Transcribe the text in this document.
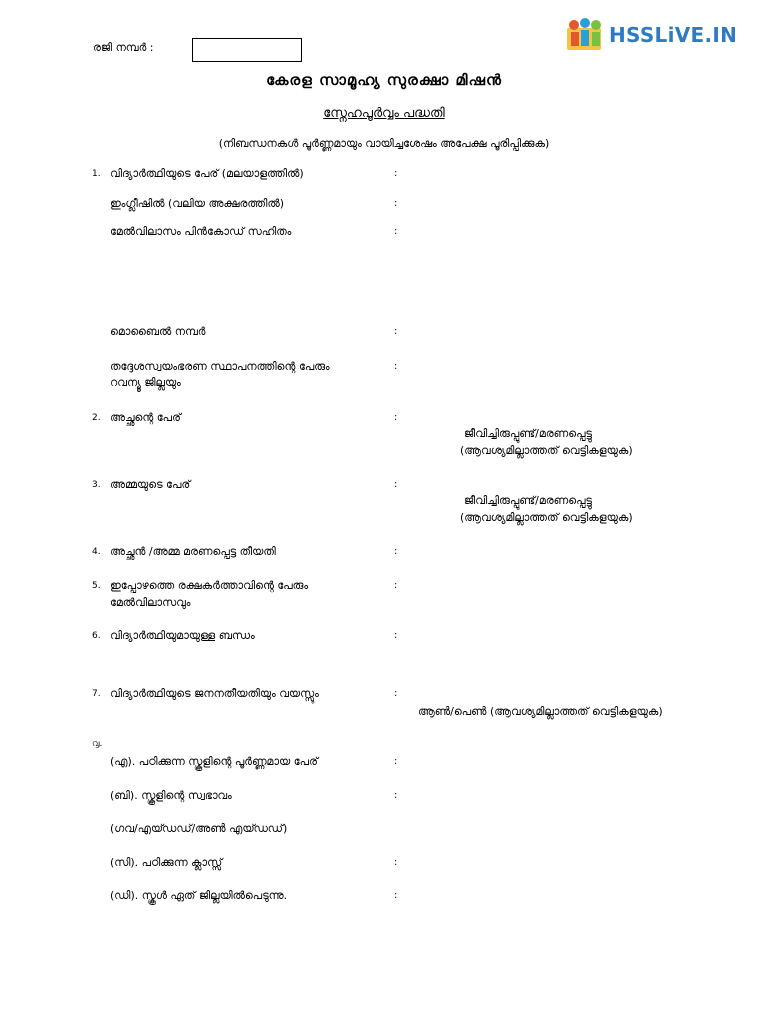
രജി നമ്പർ :
HSSLiVE.IN
കേരള സാമൂഹ്യ സുരക്ഷാ മിഷൻ
സ്നേഹപൂർവ്വം പദ്ധതി
(നിബന്ധനകൾ പൂർണ്ണമായും വായിച്ചശേഷം അപേക്ഷ പൂരിപ്പിക്കുക)
1. വിദ്യാർത്ഥിയുടെ പേര് (മലയാളത്തിൽ)	:
ഇംഗ്ലീഷിൽ (വലിയ അക്ഷരത്തിൽ)	:
മേൽവിലാസം പിൻകോഡ് സഹിതം	:
മൊബൈൽ നമ്പർ	:
തദ്ദേശസ്വയംഭരണ സ്ഥാപനത്തിന്റെ പേരും	:
റവന്യൂ ജില്ലയും
2. അച്ഛന്റെ പേര്	:
ജീവിച്ചിരുപ്പുണ്ട്/മരണപ്പെട്ടു
(ആവശ്യമില്ലാത്തത് വെട്ടികളയുക)
3. അമ്മയുടെ പേര്	:
ജീവിച്ചിരുപ്പുണ്ട്/മരണപ്പെട്ടു
(ആവശ്യമില്ലാത്തത് വെട്ടികളയുക)
4. അച്ഛൻ /അമ്മ മരണപ്പെട്ട തീയതി	:
5. ഇപ്പോഴത്തെ രക്ഷകർത്താവിന്റെ പേരും	:
മേൽവിലാസവും
6. വിദ്യാർത്ഥിയുമായുള്ള ബന്ധം	:
7. വിദ്യാർത്ഥിയുടെ ജനനതീയതിയും വയസ്സും	:
ആൺ/പെൺ (ആവശ്യമില്ലാത്തത് വെട്ടികളയുക)
൮.
(എ). പഠിക്കുന്ന സ്കൂളിന്റെ പൂർണ്ണമായ പേര്	:
(ബി). സ്കൂളിന്റെ സ്വഭാവം	:
(ഗവ/എയ്ഡഡ്/അൺ എയ്ഡഡ്)
(സി). പഠിക്കുന്ന ക്ലാസ്സ്	:
(ഡി). സ്കൂൾ ഏത് ജില്ലയിൽപെടുന്നു.	:
